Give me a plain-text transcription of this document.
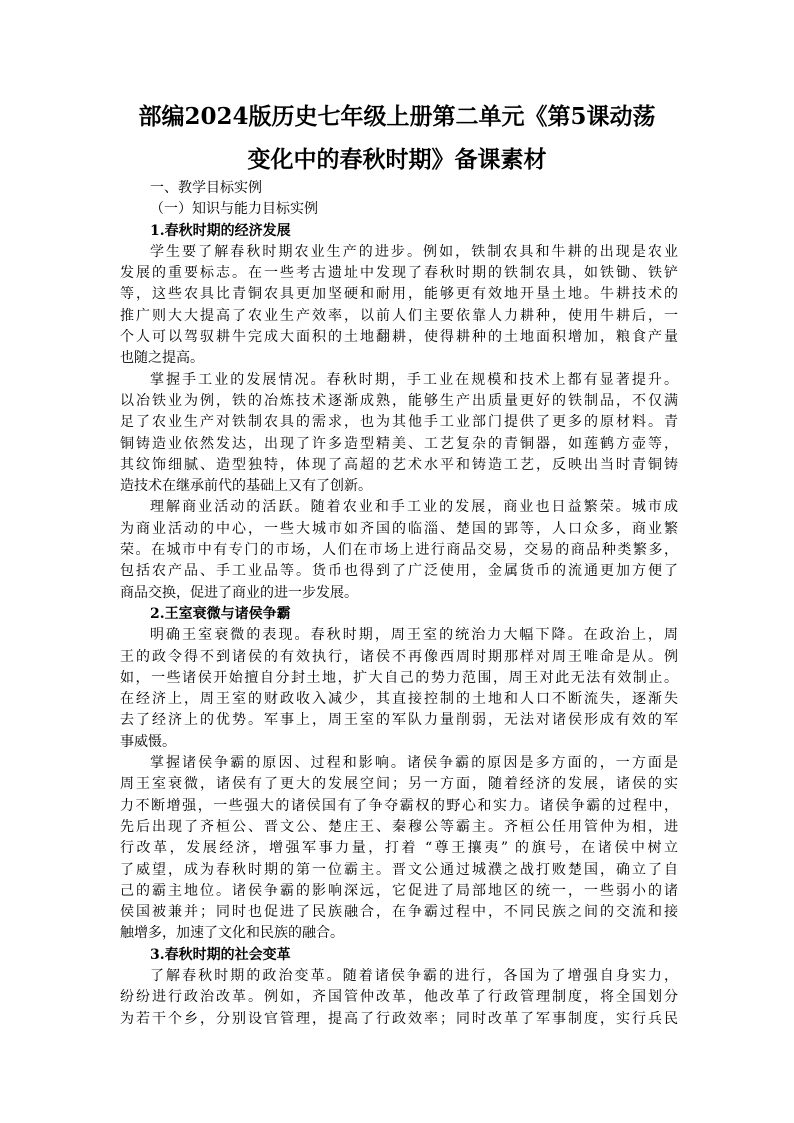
部编2024版历史七年级上册第二单元《第5课动荡
变化中的春秋时期》备课素材
一、教学目标实例
（一）知识与能力目标实例
1.春秋时期的经济发展
学生要了解春秋时期农业生产的进步。例如，铁制农具和牛耕的出现是农业
发展的重要标志。在一些考古遗址中发现了春秋时期的铁制农具，如铁锄、铁铲
等，这些农具比青铜农具更加坚硬和耐用，能够更有效地开垦土地。牛耕技术的
推广则大大提高了农业生产效率，以前人们主要依靠人力耕种，使用牛耕后，一
个人可以驾驭耕牛完成大面积的土地翻耕，使得耕种的土地面积增加，粮食产量
也随之提高。
掌握手工业的发展情况。春秋时期，手工业在规模和技术上都有显著提升。
以冶铁业为例，铁的冶炼技术逐渐成熟，能够生产出质量更好的铁制品，不仅满
足了农业生产对铁制农具的需求，也为其他手工业部门提供了更多的原材料。青
铜铸造业依然发达，出现了许多造型精美、工艺复杂的青铜器，如莲鹤方壶等，
其纹饰细腻、造型独特，体现了高超的艺术水平和铸造工艺，反映出当时青铜铸
造技术在继承前代的基础上又有了创新。
理解商业活动的活跃。随着农业和手工业的发展，商业也日益繁荣。城市成
为商业活动的中心，一些大城市如齐国的临淄、楚国的郢等，人口众多，商业繁
荣。在城市中有专门的市场，人们在市场上进行商品交易，交易的商品种类繁多，
包括农产品、手工业品等。货币也得到了广泛使用，金属货币的流通更加方便了
商品交换，促进了商业的进一步发展。
2.王室衰微与诸侯争霸
明确王室衰微的表现。春秋时期，周王室的统治力大幅下降。在政治上，周
王的政令得不到诸侯的有效执行，诸侯不再像西周时期那样对周王唯命是从。例
如，一些诸侯开始擅自分封土地，扩大自己的势力范围，周王对此无法有效制止。
在经济上，周王室的财政收入减少，其直接控制的土地和人口不断流失，逐渐失
去了经济上的优势。军事上，周王室的军队力量削弱，无法对诸侯形成有效的军
事威慑。
掌握诸侯争霸的原因、过程和影响。诸侯争霸的原因是多方面的，一方面是
周王室衰微，诸侯有了更大的发展空间；另一方面，随着经济的发展，诸侯的实
力不断增强，一些强大的诸侯国有了争夺霸权的野心和实力。诸侯争霸的过程中，
先后出现了齐桓公、晋文公、楚庄王、秦穆公等霸主。齐桓公任用管仲为相，进
行改革，发展经济，增强军事力量，打着 “尊王攘夷” 的旗号，在诸侯中树立
了威望，成为春秋时期的第一位霸主。晋文公通过城濮之战打败楚国，确立了自
己的霸主地位。诸侯争霸的影响深远，它促进了局部地区的统一，一些弱小的诸
侯国被兼并；同时也促进了民族融合，在争霸过程中，不同民族之间的交流和接
触增多，加速了文化和民族的融合。
3.春秋时期的社会变革
了解春秋时期的政治变革。随着诸侯争霸的进行，各国为了增强自身实力，
纷纷进行政治改革。例如，齐国管仲改革，他改革了行政管理制度，将全国划分
为若干个乡，分别设官管理，提高了行政效率；同时改革了军事制度，实行兵民
